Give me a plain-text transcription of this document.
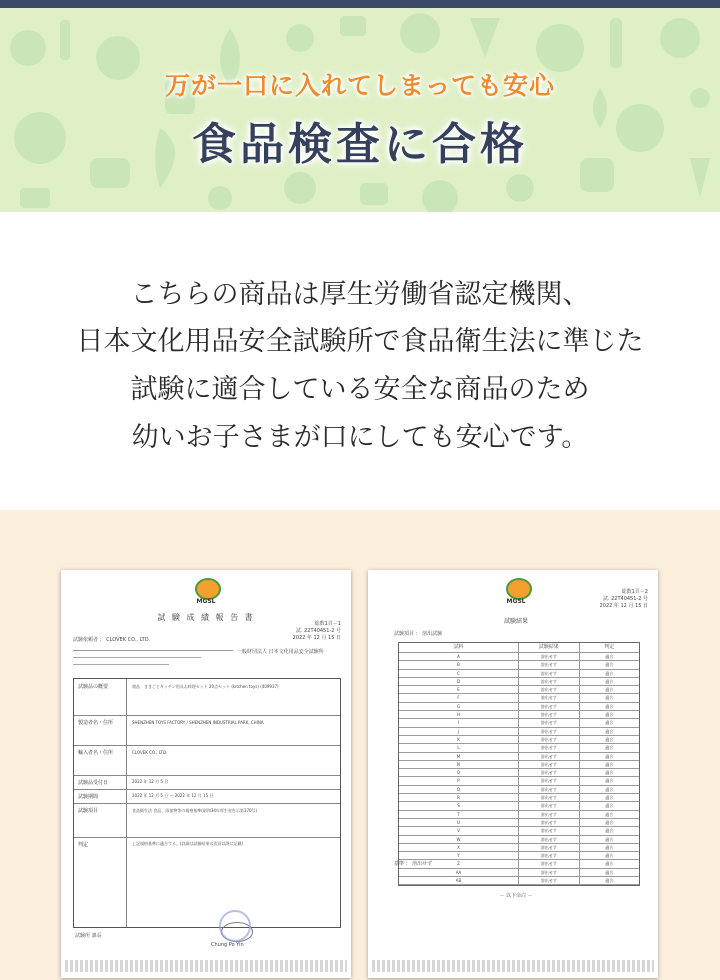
万が一口に入れてしまっても安心
食品検査に合格
こちらの商品は厚生労働省認定機関、
日本文化用品安全試験所で食品衛生法に準じた
試験に適合している安全な商品のため
幼いお子さまが口にしても安心です。
MGSL
試 験 成 績 報 告 書
総数1頁－1
試. 22T40451-2 号
2022 年 12 月 15 日
試験依頼者 ： CLOVEK CO., LTD.
一般財団法人 日本文化用品安全試験所
試験品の概要	商品　ききごとキッチン用具お料理セット 20点セット (kitchen toys) (409937)
製造者名・住所	SHENZHEN TOYS FACTORY / SHENZHEN INDUSTRIAL PARK, CHINA
輸入者名・住所	CLOVEK CO., LTD.
試験品受付日	2022 年 12 月 5 日
試験期間	2022 年 12 月 5 日 ～ 2022 年 12 月 15 日
試験項目	食品衛生法 食品、添加物等の規格基準(昭和34年厚生省告示第370号)
判定	上記規格基準に適合する。(詳細は試験結果の次頁以降に記載)
試験所 課長
Chung Po Yin
MGSL
総数1頁－2
試. 22T40451-2 号
2022 年 12 月 15 日
試験結果
試験項目 ： 溶出試験
試料	試験結果	判定
A	溶出せず	適合
B	溶出せず	適合
C	溶出せず	適合
D	溶出せず	適合
E	溶出せず	適合
F	溶出せず	適合
G	溶出せず	適合
H	溶出せず	適合
I	溶出せず	適合
J	溶出せず	適合
K	溶出せず	適合
L	溶出せず	適合
M	溶出せず	適合
N	溶出せず	適合
O	溶出せず	適合
P	溶出せず	適合
Q	溶出せず	適合
R	溶出せず	適合
S	溶出せず	適合
T	溶出せず	適合
U	溶出せず	適合
V	溶出せず	適合
W	溶出せず	適合
X	溶出せず	適合
Y	溶出せず	適合
Z	溶出せず	適合
AA	溶出せず	適合
AB	溶出せず	適合
基準 ： 溶出せず
－ 以下余白 －
